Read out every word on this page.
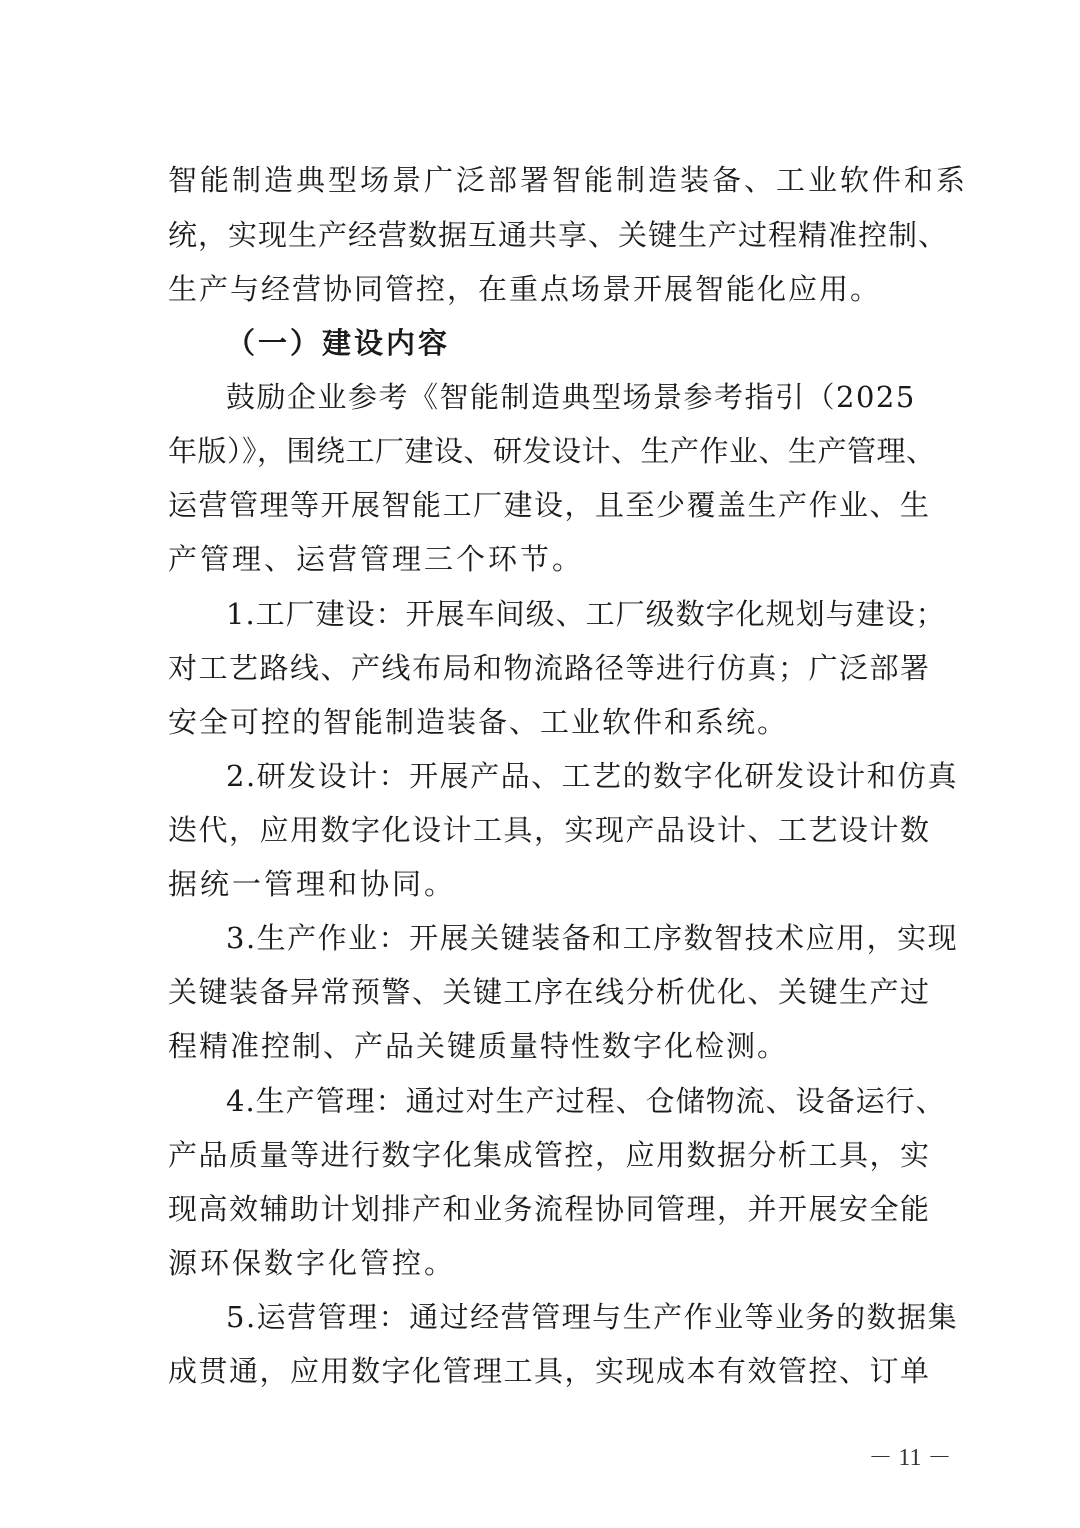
智能制造典型场景广泛部署智能制造装备、工业软件和系
统，实现生产经营数据互通共享、关键生产过程精准控制、
生产与经营协同管控，在重点场景开展智能化应用。
（一）建设内容
鼓励企业参考《智能制造典型场景参考指引（2025
年版）》，围绕工厂建设、研发设计、生产作业、生产管理、
运营管理等开展智能工厂建设，且至少覆盖生产作业、生
产管理、运营管理三个环节。
1.工厂建设：开展车间级、工厂级数字化规划与建设；
对工艺路线、产线布局和物流路径等进行仿真；广泛部署
安全可控的智能制造装备、工业软件和系统。
2.研发设计：开展产品、工艺的数字化研发设计和仿真
迭代，应用数字化设计工具，实现产品设计、工艺设计数
据统一管理和协同。
3.生产作业：开展关键装备和工序数智技术应用，实现
关键装备异常预警、关键工序在线分析优化、关键生产过
程精准控制、产品关键质量特性数字化检测。
4.生产管理：通过对生产过程、仓储物流、设备运行、
产品质量等进行数字化集成管控，应用数据分析工具，实
现高效辅助计划排产和业务流程协同管理，并开展安全能
源环保数字化管控。
5.运营管理：通过经营管理与生产作业等业务的数据集
成贯通，应用数字化管理工具，实现成本有效管控、订单
－ 11 －
